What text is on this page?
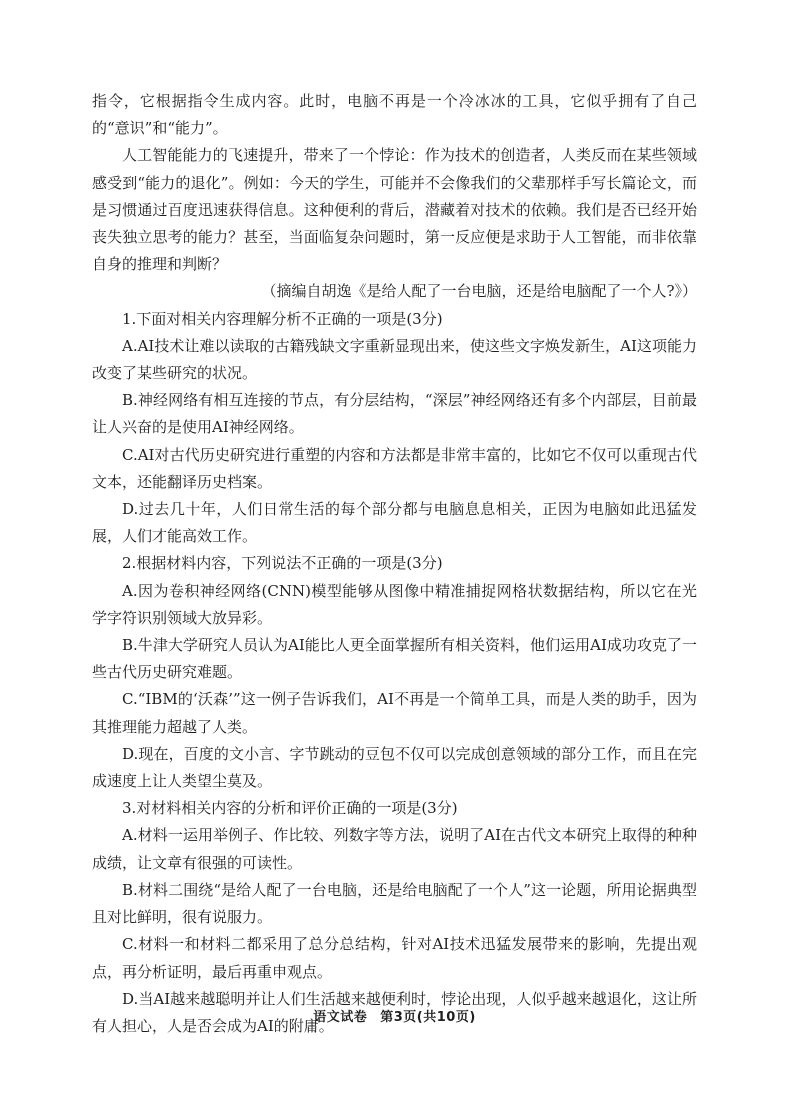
指令，它根据指令生成内容。此时，电脑不再是一个冷冰冰的工具，它似乎拥有了自己的“意识”和“能力”。

人工智能能力的飞速提升，带来了一个悖论：作为技术的创造者，人类反而在某些领域感受到“能力的退化”。例如：今天的学生，可能并不会像我们的父辈那样手写长篇论文，而是习惯通过百度迅速获得信息。这种便利的背后，潜藏着对技术的依赖。我们是否已经开始丧失独立思考的能力？甚至，当面临复杂问题时，第一反应便是求助于人工智能，而非依靠自身的推理和判断？

（摘编自胡逸《是给人配了一台电脑，还是给电脑配了一个人?》）

1.下面对相关内容理解分析不正确的一项是(3分)

A.AI技术让难以读取的古籍残缺文字重新显现出来，使这些文字焕发新生，AI这项能力改变了某些研究的状况。

B.神经网络有相互连接的节点，有分层结构，“深层”神经网络还有多个内部层，目前最让人兴奋的是使用AI神经网络。

C.AI对古代历史研究进行重塑的内容和方法都是非常丰富的，比如它不仅可以重现古代文本，还能翻译历史档案。

D.过去几十年，人们日常生活的每个部分都与电脑息息相关，正因为电脑如此迅猛发展，人们才能高效工作。

2.根据材料内容，下列说法不正确的一项是(3分)

A.因为卷积神经网络(CNN)模型能够从图像中精准捕捉网格状数据结构，所以它在光学字符识别领域大放异彩。

B.牛津大学研究人员认为AI能比人更全面掌握所有相关资料，他们运用AI成功攻克了一些古代历史研究难题。

C.“IBM的‘沃森’”这一例子告诉我们，AI不再是一个简单工具，而是人类的助手，因为其推理能力超越了人类。

D.现在，百度的文小言、字节跳动的豆包不仅可以完成创意领域的部分工作，而且在完成速度上让人类望尘莫及。

3.对材料相关内容的分析和评价正确的一项是(3分)

A.材料一运用举例子、作比较、列数字等方法，说明了AI在古代文本研究上取得的种种成绩，让文章有很强的可读性。

B.材料二围绕“是给人配了一台电脑，还是给电脑配了一个人”这一论题，所用论据典型且对比鲜明，很有说服力。

C.材料一和材料二都采用了总分总结构，针对AI技术迅猛发展带来的影响，先提出观点，再分析证明，最后再重申观点。

D.当AI越来越聪明并让人们生活越来越便利时，悖论出现，人似乎越来越退化，这让所有人担心，人是否会成为AI的附庸。

语文试卷 第3页(共10页)
